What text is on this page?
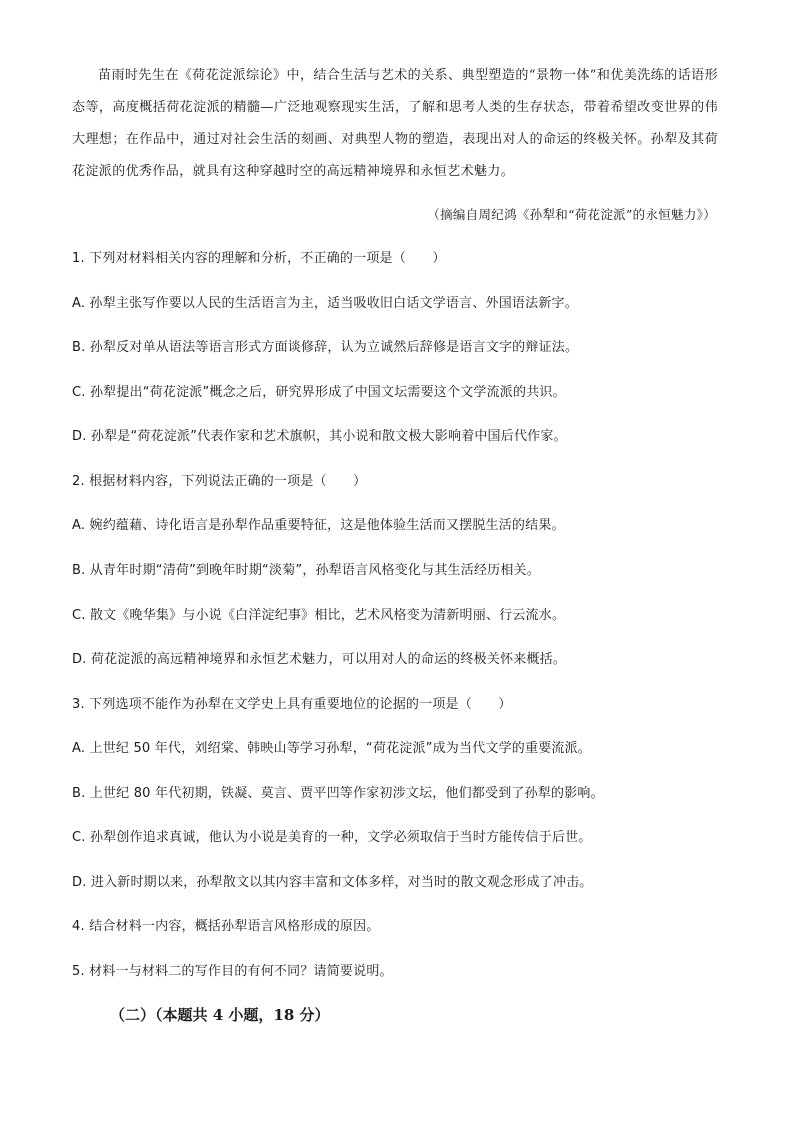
苗雨时先生在《荷花淀派综论》中，结合生活与艺术的关系、典型塑造的“景物一体”和优美洗练的话语形态等，高度概括荷花淀派的精髓—广泛地观察现实生活，了解和思考人类的生存状态，带着希望改变世界的伟大理想；在作品中，通过对社会生活的刻画、对典型人物的塑造，表现出对人的命运的终极关怀。孙犁及其荷花淀派的优秀作品，就具有这种穿越时空的高远精神境界和永恒艺术魅力。
（摘编自周纪鸿《孙犁和“荷花淀派”的永恒魅力》）
1. 下列对材料相关内容的理解和分析，不正确的一项是（　　）
A. 孙犁主张写作要以人民的生活语言为主，适当吸收旧白话文学语言、外国语法新字。
B. 孙犁反对单从语法等语言形式方面谈修辞，认为立诚然后辞修是语言文字的辩证法。
C. 孙犁提出“荷花淀派”概念之后，研究界形成了中国文坛需要这个文学流派的共识。
D. 孙犁是“荷花淀派”代表作家和艺术旗帜，其小说和散文极大影响着中国后代作家。
2. 根据材料内容，下列说法正确的一项是（　　）
A. 婉约蕴藉、诗化语言是孙犁作品重要特征，这是他体验生活而又摆脱生活的结果。
B. 从青年时期“清荷”到晚年时期“淡菊”，孙犁语言风格变化与其生活经历相关。
C. 散文《晚华集》与小说《白洋淀纪事》相比，艺术风格变为清新明丽、行云流水。
D. 荷花淀派的高远精神境界和永恒艺术魅力，可以用对人的命运的终极关怀来概括。
3. 下列选项不能作为孙犁在文学史上具有重要地位的论据的一项是（　　）
A. 上世纪 50 年代，刘绍棠、韩映山等学习孙犁，“荷花淀派”成为当代文学的重要流派。
B. 上世纪 80 年代初期，铁凝、莫言、贾平凹等作家初涉文坛，他们都受到了孙犁的影响。
C. 孙犁创作追求真诚，他认为小说是美育的一种，文学必须取信于当时方能传信于后世。
D. 进入新时期以来，孙犁散文以其内容丰富和文体多样，对当时的散文观念形成了冲击。
4. 结合材料一内容，概括孙犁语言风格形成的原因。
5. 材料一与材料二的写作目的有何不同？请简要说明。
（二）（本题共 4 小题，18 分）
